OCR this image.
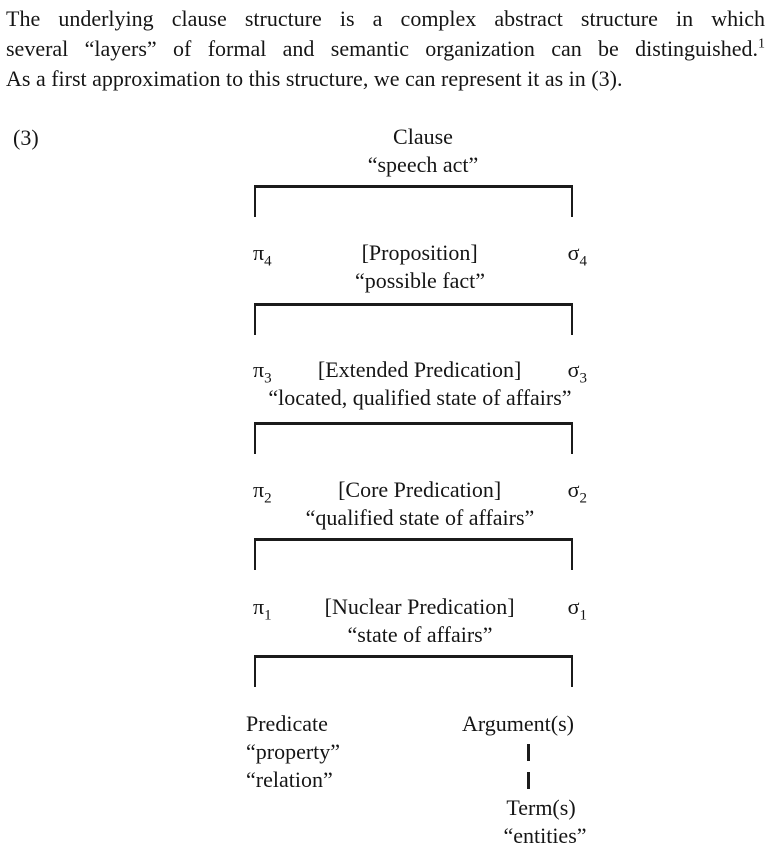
The underlying clause structure is a complex abstract structure in which
several “layers” of formal and semantic organization can be distinguished.$^1$
As a first approximation to this structure, we can represent it as in (3).
(3)	Clause
“speech act”
$\pi_4$	[Proposition]	$\sigma_4$
“possible fact”
$\pi_3$ [Extended Predication] $\sigma_3$
“located, qualified state of affairs”
$\pi_2$	[Core Predication]	$\sigma_2$
“qualified state of affairs”
$\pi_1$ [Nuclear Predication] $\sigma_1$
“state of affairs”
Predicate
“property”
“relation”
Argument(s)
Term(s)
“entities”
